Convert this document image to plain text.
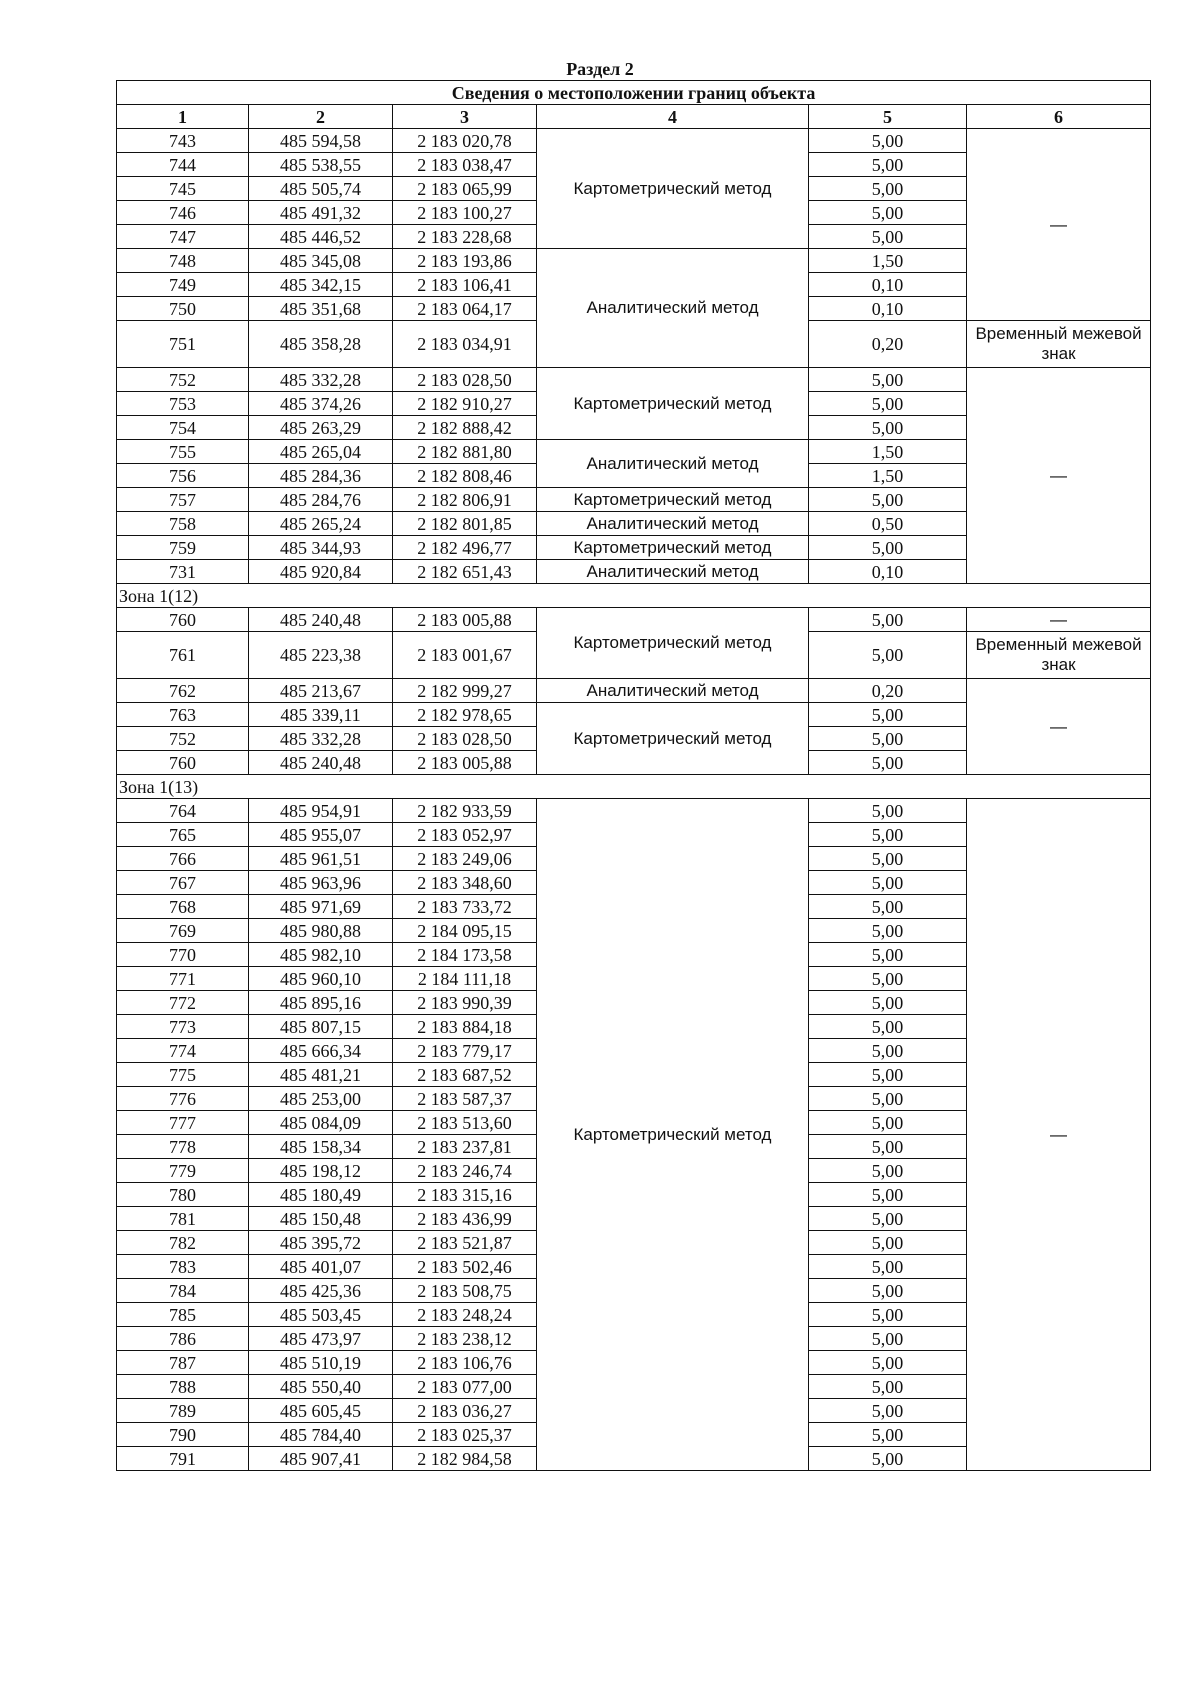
Раздел 2
Сведения о местоположении границ объекта					
1	2	3	4	5	6
743	485 594,58	2 183 020,78	Картометрический метод	5,00	—
744	485 538,55	2 183 038,47		5,00	
745	485 505,74	2 183 065,99		5,00	
746	485 491,32	2 183 100,27		5,00	
747	485 446,52	2 183 228,68		5,00	
748	485 345,08	2 183 193,86	Аналитический метод	1,50	
749	485 342,15	2 183 106,41		0,10	
750	485 351,68	2 183 064,17		0,10	
751	485 358,28	2 183 034,91		0,20	Временный межевой знак
752	485 332,28	2 183 028,50	Картометрический метод	5,00	—
753	485 374,26	2 182 910,27		5,00	
754	485 263,29	2 182 888,42		5,00	
755	485 265,04	2 182 881,80	Аналитический метод	1,50	
756	485 284,36	2 182 808,46		1,50	
757	485 284,76	2 182 806,91	Картометрический метод	5,00	
758	485 265,24	2 182 801,85	Аналитический метод	0,50	
759	485 344,93	2 182 496,77	Картометрический метод	5,00	
731	485 920,84	2 182 651,43	Аналитический метод	0,10	
Зона 1(12)					
760	485 240,48	2 183 005,88	Картометрический метод	5,00	—
761	485 223,38	2 183 001,67		5,00	Временный межевой знак
762	485 213,67	2 182 999,27	Аналитический метод	0,20	—
763	485 339,11	2 182 978,65	Картометрический метод	5,00	
752	485 332,28	2 183 028,50		5,00	
760	485 240,48	2 183 005,88		5,00	
Зона 1(13)					
764	485 954,91	2 182 933,59	Картометрический метод	5,00	—
765	485 955,07	2 183 052,97		5,00	
766	485 961,51	2 183 249,06		5,00	
767	485 963,96	2 183 348,60		5,00	
768	485 971,69	2 183 733,72		5,00	
769	485 980,88	2 184 095,15		5,00	
770	485 982,10	2 184 173,58		5,00	
771	485 960,10	2 184 111,18		5,00	
772	485 895,16	2 183 990,39		5,00	
773	485 807,15	2 183 884,18		5,00	
774	485 666,34	2 183 779,17		5,00	
775	485 481,21	2 183 687,52		5,00	
776	485 253,00	2 183 587,37		5,00	
777	485 084,09	2 183 513,60		5,00	
778	485 158,34	2 183 237,81		5,00	
779	485 198,12	2 183 246,74		5,00	
780	485 180,49	2 183 315,16		5,00	
781	485 150,48	2 183 436,99		5,00	
782	485 395,72	2 183 521,87		5,00	
783	485 401,07	2 183 502,46		5,00	
784	485 425,36	2 183 508,75		5,00	
785	485 503,45	2 183 248,24		5,00	
786	485 473,97	2 183 238,12		5,00	
787	485 510,19	2 183 106,76		5,00	
788	485 550,40	2 183 077,00		5,00	
789	485 605,45	2 183 036,27		5,00	
790	485 784,40	2 183 025,37		5,00	
791	485 907,41	2 182 984,58		5,00	
